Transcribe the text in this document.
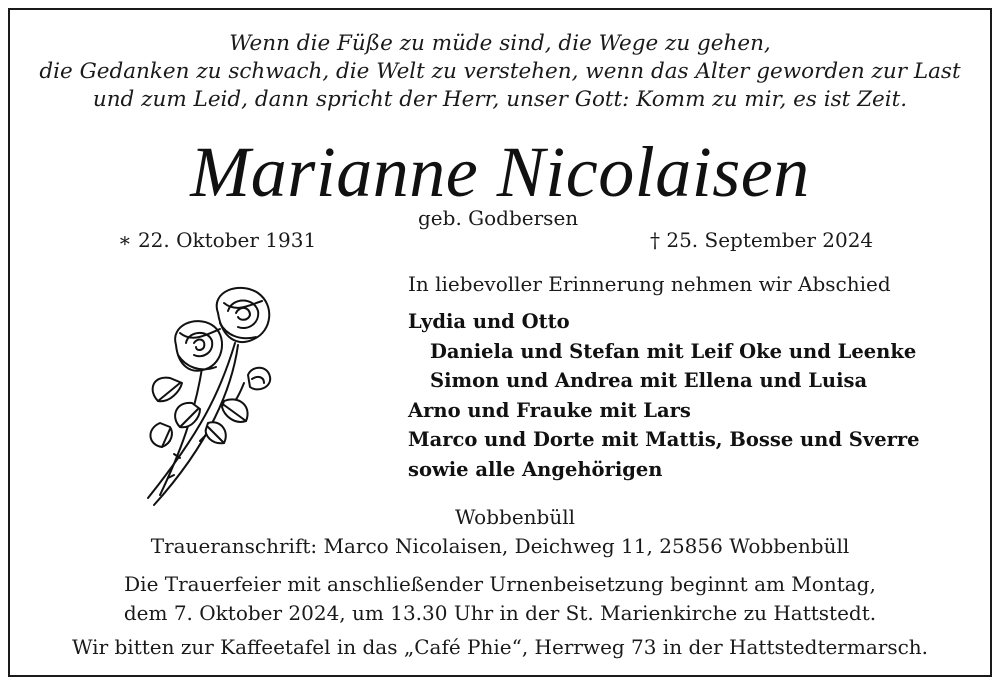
Wenn die Füße zu müde sind, die Wege zu gehen,
die Gedanken zu schwach, die Welt zu verstehen, wenn das Alter geworden zur Last
und zum Leid, dann spricht der Herr, unser Gott: Komm zu mir, es ist Zeit.

Marianne Nicolaisen
geb. Godbersen
∗ 22. Oktober 1931	† 25. September 2024
In liebevoller Erinnerung nehmen wir Abschied
Lydia und Otto
Daniela und Stefan mit Leif Oke und Leenke
Simon und Andrea mit Ellena und Luisa
Arno und Frauke mit Lars
Marco und Dorte mit Mattis, Bosse und Sverre
sowie alle Angehörigen
Wobbenbüll
Traueranschrift: Marco Nicolaisen, Deichweg 11, 25856 Wobbenbüll

Die Trauerfeier mit anschließender Urnenbeisetzung beginnt am Montag,
dem 7. Oktober 2024, um 13.30 Uhr in der St. Marienkirche zu Hattstedt.

Wir bitten zur Kaffeetafel in das „Café Phie“, Herrweg 73 in der Hattstedtermarsch.
